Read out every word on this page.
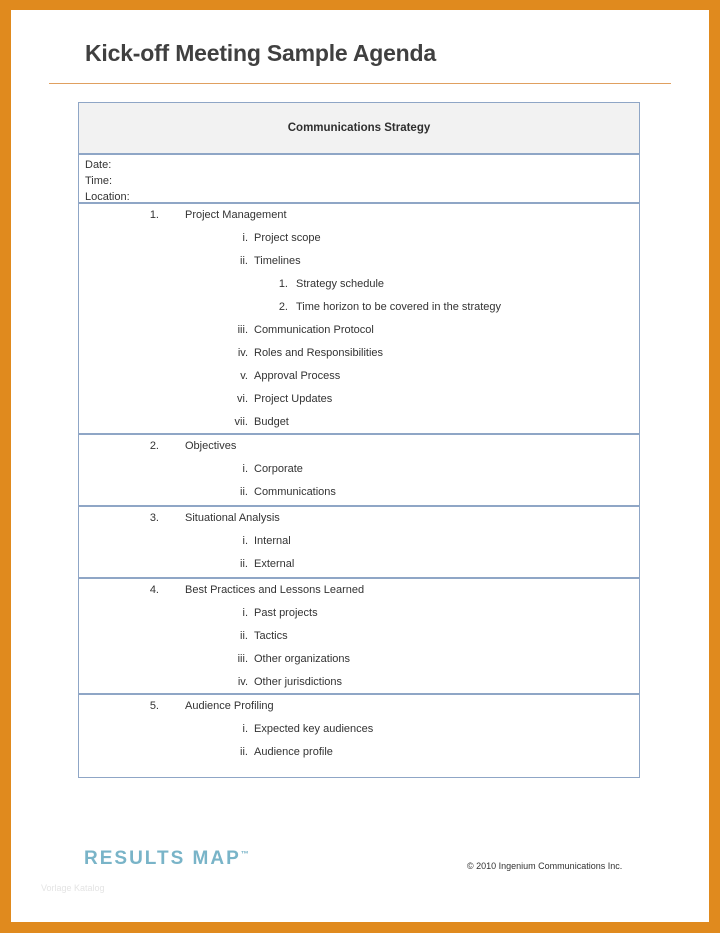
Kick-off Meeting Sample Agenda
Communications Strategy
Date:
Time:
Location:
1. Project Management
i. Project scope
ii. Timelines
1. Strategy schedule
2. Time horizon to be covered in the strategy
iii. Communication Protocol
iv. Roles and Responsibilities
v. Approval Process
vi. Project Updates
vii. Budget
2. Objectives
i. Corporate
ii. Communications
3. Situational Analysis
i. Internal
ii. External
4. Best Practices and Lessons Learned
i. Past projects
ii. Tactics
iii. Other organizations
iv. Other jurisdictions
5. Audience Profiling
i. Expected key audiences
ii. Audience profile
RESULTS MAP™
© 2010 Ingenium Communications Inc.
Vorlage Katalog
